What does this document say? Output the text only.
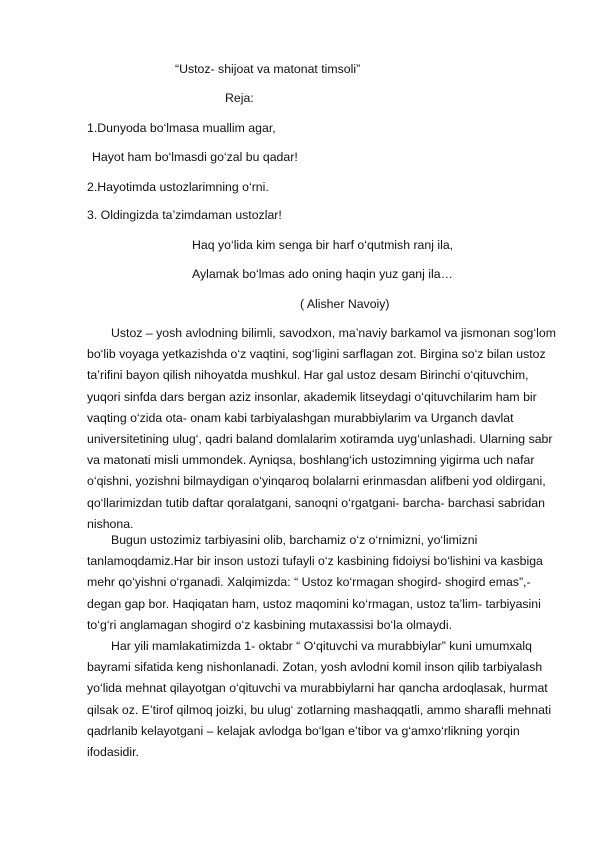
“Ustoz- shijoat va matonat timsoli”
Reja:
1.Dunyoda bo‘lmasa muallim agar,
Hayot ham bo‘lmasdi go‘zal bu qadar!
2.Hayotimda ustozlarimning o‘rni.
3. Oldingizda ta’zimdaman ustozlar!
Haq yo‘lida kim senga bir harf o‘qutmish ranj ila,
Aylamak bo‘lmas ado oning haqin yuz ganj ila…
( Alisher Navoiy)

Ustoz – yosh avlodning bilimli, savodxon, ma’naviy barkamol va jismonan sog‘lom bo‘lib voyaga yetkazishda o‘z vaqtini, sog‘ligini sarflagan zot. Birgina so‘z bilan ustoz ta’rifini bayon qilish nihoyatda mushkul. Har gal ustoz desam Birinchi o‘qituvchim, yuqori sinfda dars bergan aziz insonlar, akademik litseydagi o‘qituvchilarim ham bir vaqting o‘zida ota- onam kabi tarbiyalashgan murabbiylarim va Urganch davlat universitetining ulug‘, qadri baland domlalarim xotiramda uyg‘unlashadi. Ularning sabr va matonati misli ummondek. Ayniqsa, boshlang‘ich ustozimning yigirma uch nafar o‘qishni, yozishni bilmaydigan o‘yinqaroq bolalarni erinmasdan alifbeni yod oldirgani, qo‘llarimizdan tutib daftar qoralatgani, sanoqni o‘rgatgani- barcha- barchasi sabridan nishona.

Bugun ustozimiz tarbiyasini olib, barchamiz o‘z o‘rnimizni, yo‘limizni tanlamoqdamiz.Har bir inson ustozi tufayli o‘z kasbining fidoiysi bo‘lishini va kasbiga mehr qo‘yishni o‘rganadi. Xalqimizda: “ Ustoz ko‘rmagan shogird- shogird emas”,- degan gap bor. Haqiqatan ham, ustoz maqomini ko‘rmagan, ustoz ta’lim- tarbiyasini to‘g‘ri anglamagan shogird o‘z kasbining mutaxassisi bo‘la olmaydi.

Har yili mamlakatimizda 1- oktabr “ O‘qituvchi va murabbiylar” kuni umumxalq bayrami sifatida keng nishonlanadi. Zotan, yosh avlodni komil inson qilib tarbiyalash yo‘lida mehnat qilayotgan o‘qituvchi va murabbiylarni har qancha ardoqlasak, hurmat qilsak oz. E’tirof qilmoq joizki, bu ulug‘ zotlarning mashaqqatli, ammo sharafli mehnati qadrlanib kelayotgani – kelajak avlodga bo‘lgan e’tibor va g‘amxo‘rlikning yorqin ifodasidir.
